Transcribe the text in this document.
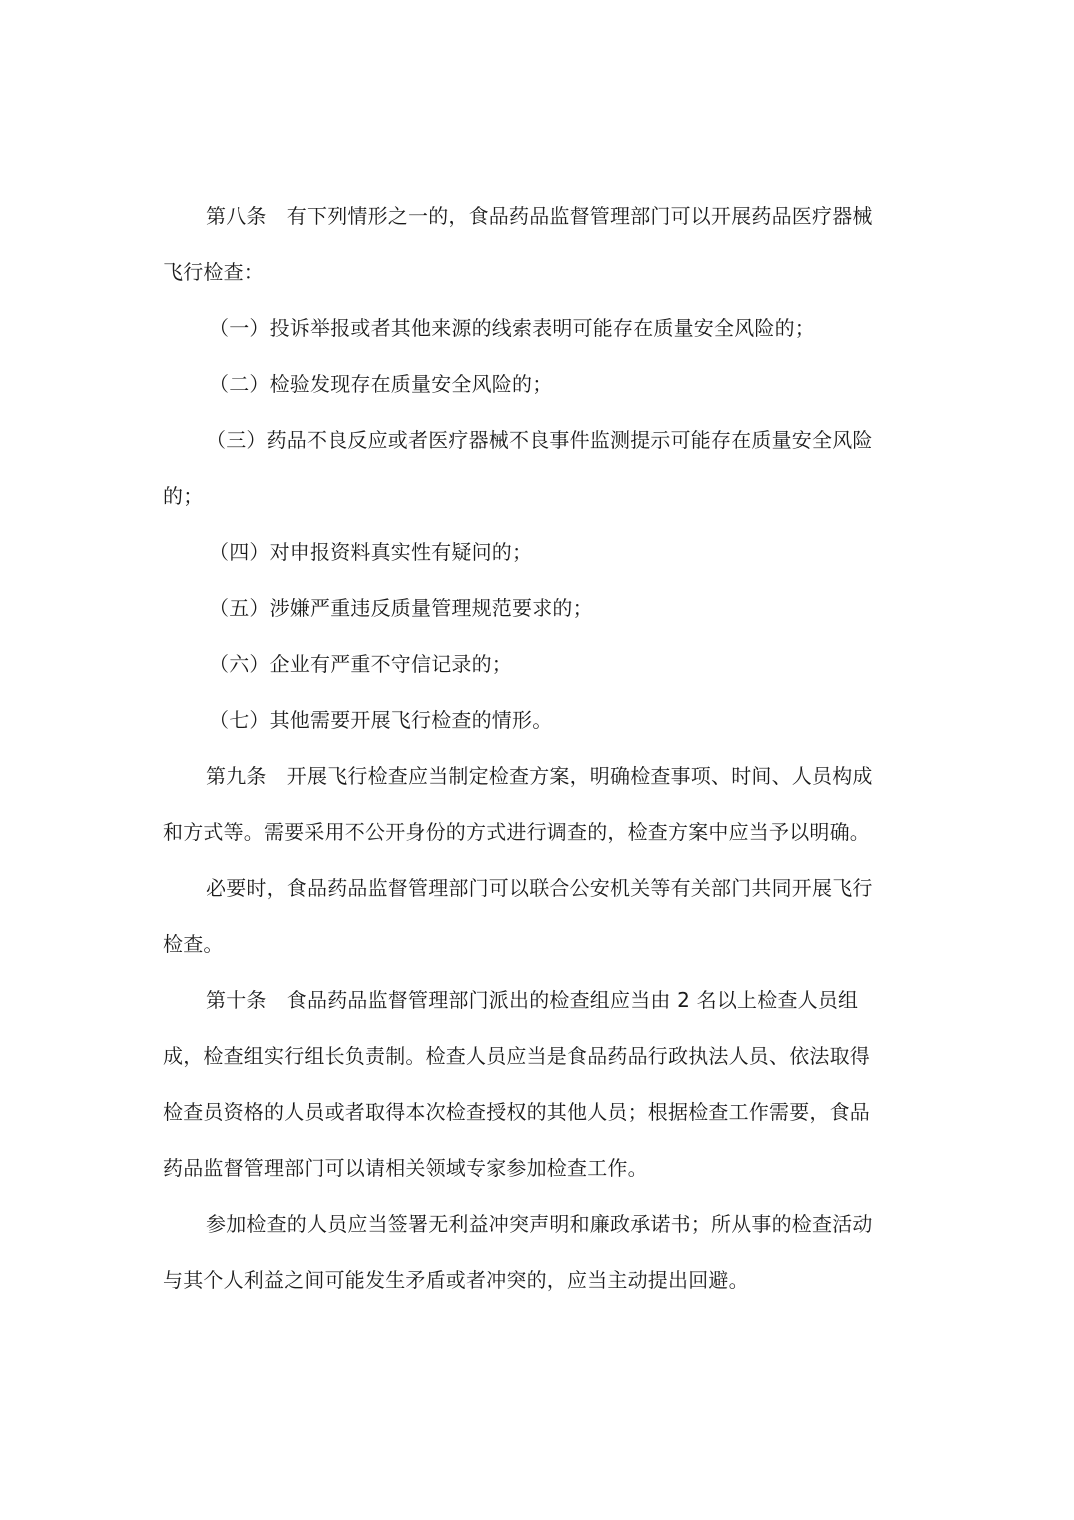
第八条　有下列情形之一的，食品药品监督管理部门可以开展药品医疗器械
飞行检查：
（一）投诉举报或者其他来源的线索表明可能存在质量安全风险的；
（二）检验发现存在质量安全风险的；
（三）药品不良反应或者医疗器械不良事件监测提示可能存在质量安全风险
的；
（四）对申报资料真实性有疑问的；
（五）涉嫌严重违反质量管理规范要求的；
（六）企业有严重不守信记录的；
（七）其他需要开展飞行检查的情形。
第九条　开展飞行检查应当制定检查方案，明确检查事项、时间、人员构成
和方式等。需要采用不公开身份的方式进行调查的，检查方案中应当予以明确。
必要时，食品药品监督管理部门可以联合公安机关等有关部门共同开展飞行
检查。
第十条　食品药品监督管理部门派出的检查组应当由 2 名以上检查人员组
成，检查组实行组长负责制。检查人员应当是食品药品行政执法人员、依法取得
检查员资格的人员或者取得本次检查授权的其他人员；根据检查工作需要，食品
药品监督管理部门可以请相关领域专家参加检查工作。
参加检查的人员应当签署无利益冲突声明和廉政承诺书；所从事的检查活动
与其个人利益之间可能发生矛盾或者冲突的，应当主动提出回避。
